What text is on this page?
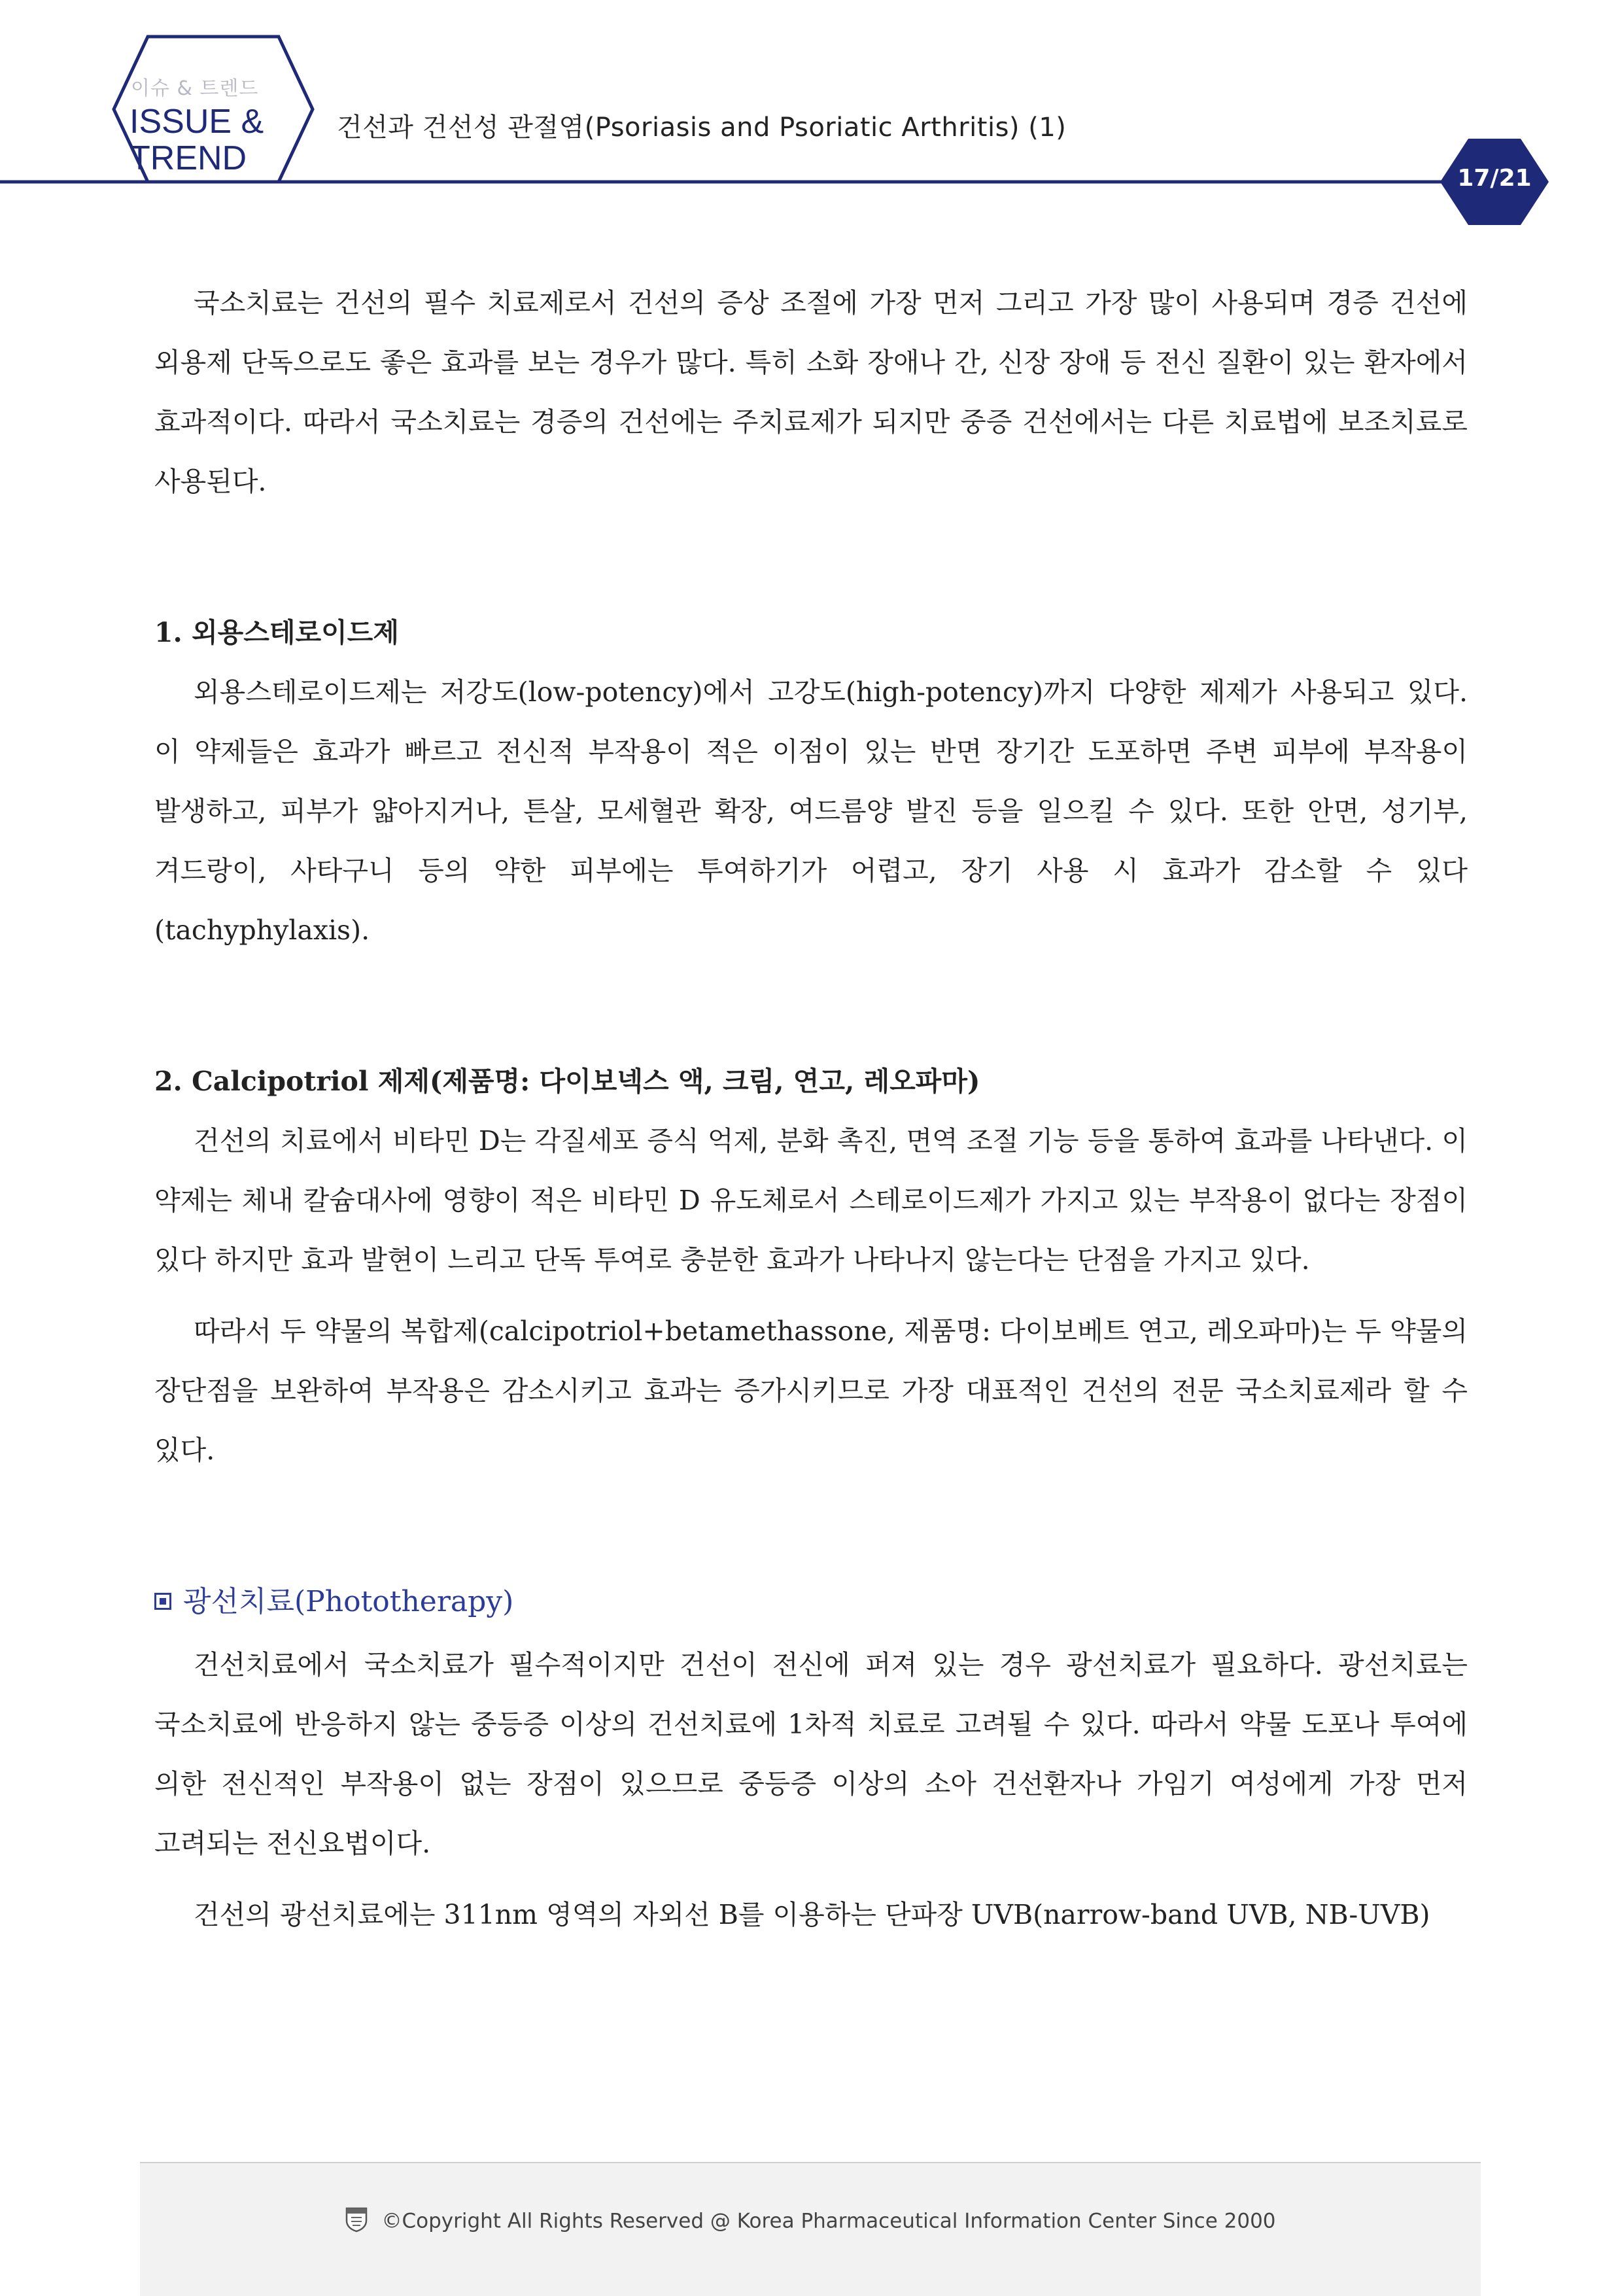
이슈 & 트렌드
ISSUE &
TREND
건선과 건선성 관절염(Psoriasis and Psoriatic Arthritis) (1)
17/21

국소치료는 건선의 필수 치료제로서 건선의 증상 조절에 가장 먼저 그리고 가장 많이 사용되며 경증 건선에 외용제 단독으로도 좋은 효과를 보는 경우가 많다. 특히 소화 장애나 간, 신장 장애 등 전신 질환이 있는 환자에서 효과적이다. 따라서 국소치료는 경증의 건선에는 주치료제가 되지만 중증 건선에서는 다른 치료법에 보조치료로 사용된다.

1. 외용스테로이드제

외용스테로이드제는 저강도(low-potency)에서 고강도(high-potency)까지 다양한 제제가 사용되고 있다. 이 약제들은 효과가 빠르고 전신적 부작용이 적은 이점이 있는 반면 장기간 도포하면 주변 피부에 부작용이 발생하고, 피부가 얇아지거나, 튼살, 모세혈관 확장, 여드름양 발진 등을 일으킬 수 있다. 또한 안면, 성기부, 겨드랑이, 사타구니 등의 약한 피부에는 투여하기가 어렵고, 장기 사용 시 효과가 감소할 수 있다(tachyphylaxis).

2. Calcipotriol 제제(제품명: 다이보넥스 액, 크림, 연고, 레오파마)

건선의 치료에서 비타민 D는 각질세포 증식 억제, 분화 촉진, 면역 조절 기능 등을 통하여 효과를 나타낸다. 이 약제는 체내 칼슘대사에 영향이 적은 비타민 D 유도체로서 스테로이드제가 가지고 있는 부작용이 없다는 장점이 있다 하지만 효과 발현이 느리고 단독 투여로 충분한 효과가 나타나지 않는다는 단점을 가지고 있다.

따라서 두 약물의 복합제(calcipotriol+betamethassone, 제품명: 다이보베트 연고, 레오파마)는 두 약물의 장단점을 보완하여 부작용은 감소시키고 효과는 증가시키므로 가장 대표적인 건선의 전문 국소치료제라 할 수 있다.

광선치료(Phototherapy)

건선치료에서 국소치료가 필수적이지만 건선이 전신에 퍼져 있는 경우 광선치료가 필요하다. 광선치료는 국소치료에 반응하지 않는 중등증 이상의 건선치료에 1차적 치료로 고려될 수 있다. 따라서 약물 도포나 투여에 의한 전신적인 부작용이 없는 장점이 있으므로 중등증 이상의 소아 건선환자나 가임기 여성에게 가장 먼저 고려되는 전신요법이다.

건선의 광선치료에는 311nm 영역의 자외선 B를 이용하는 단파장 UVB(narrow-band UVB, NB-UVB)

©Copyright All Rights Reserved @ Korea Pharmaceutical Information Center Since 2000
